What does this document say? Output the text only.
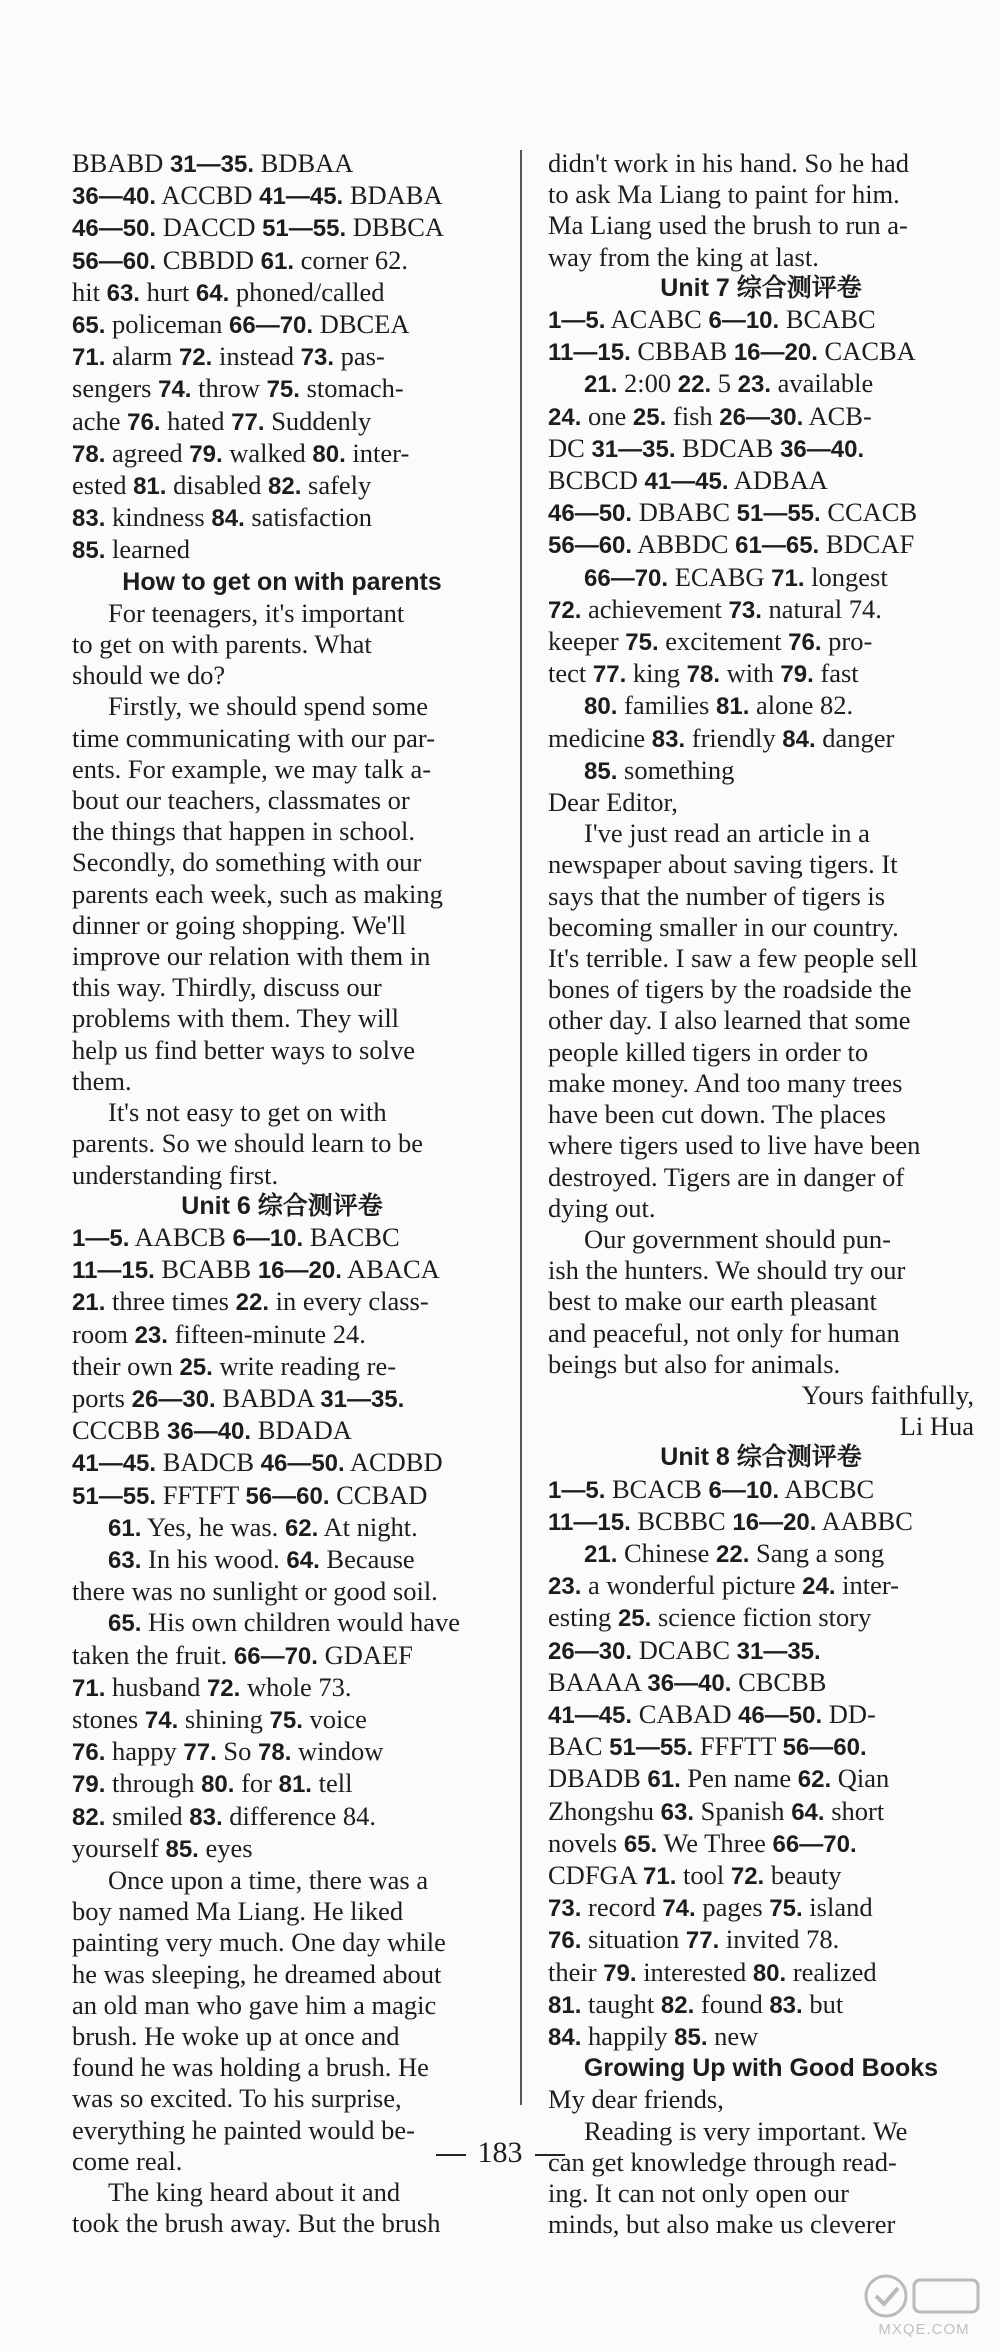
BBABD 31—35. BDBAA
36—40. ACCBD 41—45. BDABA
46—50. DACCD 51—55. DBBCA
56—60. CBBDD 61. corner 62.
hit 63. hurt 64. phoned/called
65. policeman 66—70. DBCEA
71. alarm 72. instead 73. pas-
sengers 74. throw 75. stomach-
ache 76. hated 77. Suddenly
78. agreed 79. walked 80. inter-
ested 81. disabled 82. safely
83. kindness 84. satisfaction
85. learned
How to get on with parents
For teenagers, it's important
to get on with parents. What
should we do?
Firstly, we should spend some
time communicating with our par-
ents. For example, we may talk a-
bout our teachers, classmates or
the things that happen in school.
Secondly, do something with our
parents each week, such as making
dinner or going shopping. We'll
improve our relation with them in
this way. Thirdly, discuss our
problems with them. They will
help us find better ways to solve
them.
It's not easy to get on with
parents. So we should learn to be
understanding first.
Unit 6 综合测评卷
1—5. AABCB 6—10. BACBC
11—15. BCABB 16—20. ABACA
21. three times 22. in every class-
room 23. fifteen-minute 24.
their own 25. write reading re-
ports 26—30. BABDA 31—35.
CCCBB 36—40. BDADA
41—45. BADCB 46—50. ACDBD
51—55. FFTFT 56—60. CCBAD
61. Yes, he was. 62. At night.
63. In his wood. 64. Because
there was no sunlight or good soil.
65. His own children would have
taken the fruit. 66—70. GDAEF
71. husband 72. whole 73.
stones 74. shining 75. voice
76. happy 77. So 78. window
79. through 80. for 81. tell
82. smiled 83. difference 84.
yourself 85. eyes
Once upon a time, there was a
boy named Ma Liang. He liked
painting very much. One day while
he was sleeping, he dreamed about
an old man who gave him a magic
brush. He woke up at once and
found he was holding a brush. He
was so excited. To his surprise,
everything he painted would be-
come real.
The king heard about it and
took the brush away. But the brush
didn't work in his hand. So he had
to ask Ma Liang to paint for him.
Ma Liang used the brush to run a-
way from the king at last.
Unit 7 综合测评卷
1—5. ACABC 6—10. BCABC
11—15. CBBAB 16—20. CACBA
21. 2:00 22. 5 23. available
24. one 25. fish 26—30. ACB-
DC 31—35. BDCAB 36—40.
BCBCD 41—45. ADBAA
46—50. DBABC 51—55. CCACB
56—60. ABBDC 61—65. BDCAF
66—70. ECABG 71. longest
72. achievement 73. natural 74.
keeper 75. excitement 76. pro-
tect 77. king 78. with 79. fast
80. families 81. alone 82.
medicine 83. friendly 84. danger
85. something
Dear Editor,
I've just read an article in a
newspaper about saving tigers. It
says that the number of tigers is
becoming smaller in our country.
It's terrible. I saw a few people sell
bones of tigers by the roadside the
other day. I also learned that some
people killed tigers in order to
make money. And too many trees
have been cut down. The places
where tigers used to live have been
destroyed. Tigers are in danger of
dying out.
Our government should pun-
ish the hunters. We should try our
best to make our earth pleasant
and peaceful, not only for human
beings but also for animals.
Yours faithfully,
Li Hua
Unit 8 综合测评卷
1—5. BCACB 6—10. ABCBC
11—15. BCBBC 16—20. AABBC
21. Chinese 22. Sang a song
23. a wonderful picture 24. inter-
esting 25. science fiction story
26—30. DCABC 31—35.
BAAAA 36—40. CBCBB
41—45. CABAD 46—50. DD-
BAC 51—55. FFFTT 56—60.
DBADB 61. Pen name 62. Qian
Zhongshu 63. Spanish 64. short
novels 65. We Three 66—70.
CDFGA 71. tool 72. beauty
73. record 74. pages 75. island
76. situation 77. invited 78.
their 79. interested 80. realized
81. taught 82. found 83. but
84. happily 85. new
Growing Up with Good Books
My dear friends,
Reading is very important. We
can get knowledge through read-
ing. It can not only open our
minds, but also make us cleverer
183
MXQE.COM
